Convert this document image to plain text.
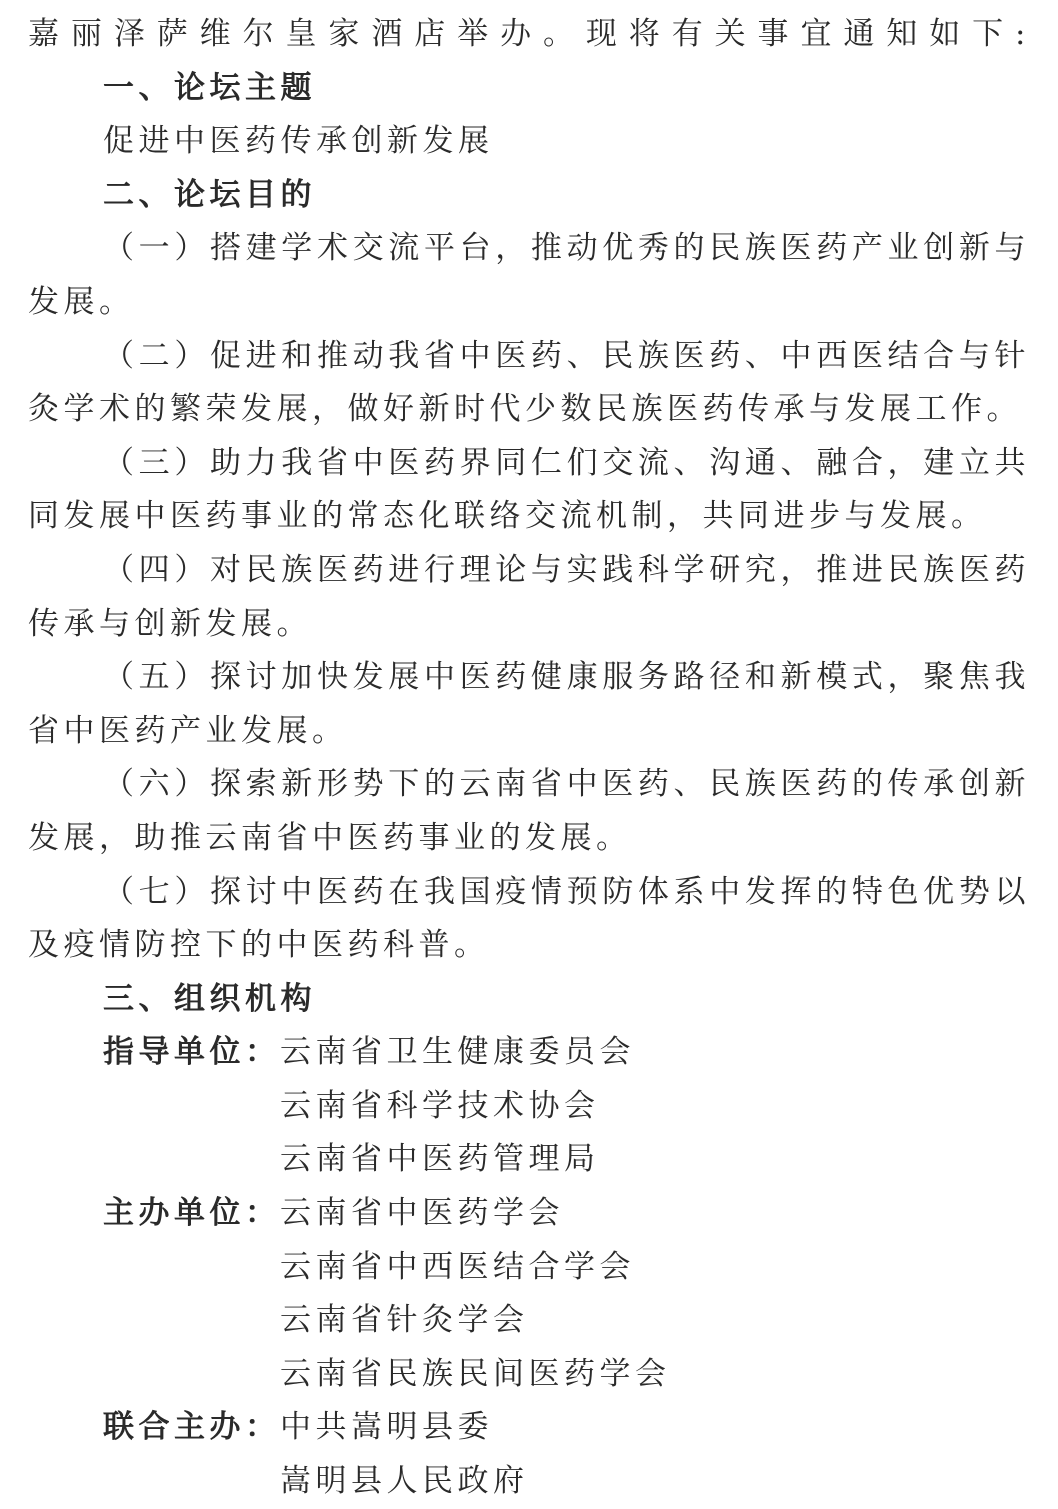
嘉丽泽萨维尔皇家酒店举办。现将有关事宜通知如下:
一、论坛主题
促进中医药传承创新发展
二、论坛目的
（一）搭建学术交流平台，推动优秀的民族医药产业创新与
发展。
（二）促进和推动我省中医药、民族医药、中西医结合与针
灸学术的繁荣发展，做好新时代少数民族医药传承与发展工作。
（三）助力我省中医药界同仁们交流、沟通、融合，建立共
同发展中医药事业的常态化联络交流机制，共同进步与发展。
（四）对民族医药进行理论与实践科学研究，推进民族医药
传承与创新发展。
（五）探讨加快发展中医药健康服务路径和新模式，聚焦我
省中医药产业发展。
（六）探索新形势下的云南省中医药、民族医药的传承创新
发展，助推云南省中医药事业的发展。
（七）探讨中医药在我国疫情预防体系中发挥的特色优势以
及疫情防控下的中医药科普。
三、组织机构
指导单位： 云南省卫生健康委员会
云南省科学技术协会
云南省中医药管理局
主办单位： 云南省中医药学会
云南省中西医结合学会
云南省针灸学会
云南省民族民间医药学会
联合主办： 中共嵩明县委
嵩明县人民政府
